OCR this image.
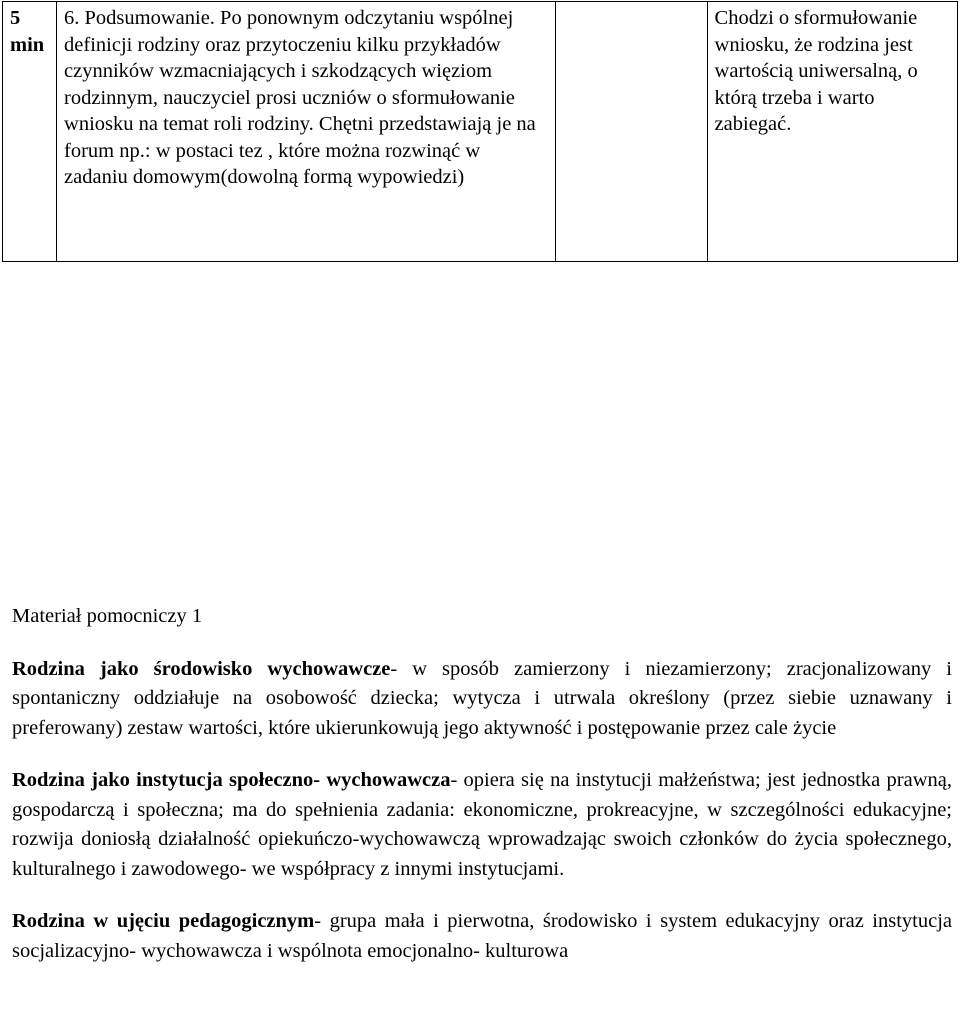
5
min
	6. Podsumowanie. Po ponownym odczytaniu wspólnej definicji rodziny oraz przytoczeniu kilku przykładów czynników wzmacniających i szkodzących więziom rodzinnym, nauczyciel prosi uczniów o sformułowanie wniosku na temat roli rodziny. Chętni przedstawiają je na forum np.: w postaci tez , które można rozwinąć w zadaniu domowym(dowolną formą wypowiedzi)		Chodzi o sformułowanie wniosku, że rodzina jest wartością uniwersalną, o którą trzeba i warto zabiegać.

Materiał pomocniczy 1

Rodzina jako środowisko wychowawcze- w sposób zamierzony i niezamierzony; zracjonalizowany i spontaniczny oddziałuje na osobowość dziecka; wytycza i utrwala określony (przez siebie uznawany i preferowany) zestaw wartości, które ukierunkowują jego aktywność i postępowanie przez cale życie

Rodzina jako instytucja społeczno- wychowawcza- opiera się na instytucji małżeństwa; jest jednostka prawną, gospodarczą i społeczna; ma do spełnienia zadania: ekonomiczne, prokreacyjne, w szczególności edukacyjne; rozwija doniosłą działalność opiekuńczo-wychowawczą wprowadzając swoich członków do życia społecznego, kulturalnego i zawodowego- we współpracy z innymi instytucjami.

Rodzina w ujęciu pedagogicznym- grupa mała i pierwotna, środowisko i system edukacyjny oraz instytucja socjalizacyjno- wychowawcza i wspólnota emocjonalno- kulturowa
